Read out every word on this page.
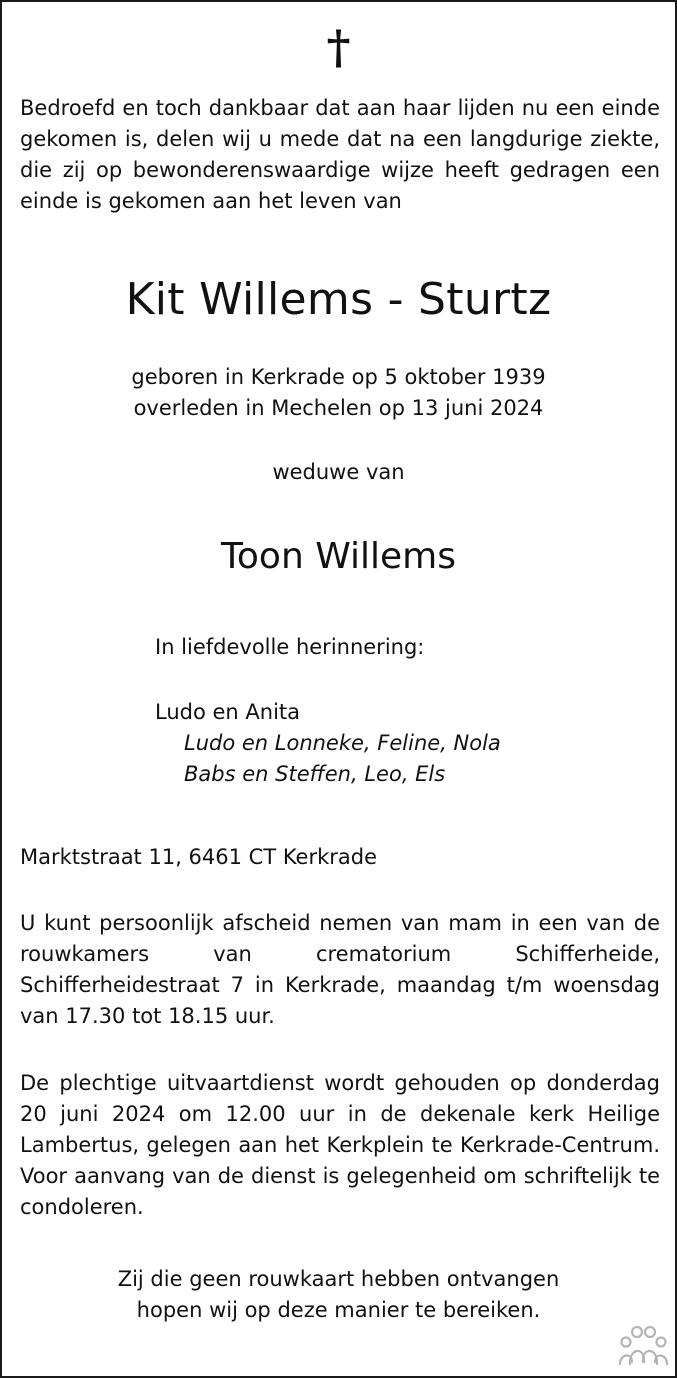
†
Bedroefd en toch dankbaar dat aan haar lijden nu een einde gekomen is, delen wij u mede dat na een langdurige ziekte, die zij op bewonderenswaardige wijze heeft gedragen een einde is gekomen aan het leven van
Kit Willems - Sturtz
geboren in Kerkrade op 5 oktober 1939
overleden in Mechelen op 13 juni 2024
weduwe van
Toon Willems
In liefdevolle herinnering:
Ludo en Anita
Ludo en Lonneke, Feline, Nola
Babs en Steffen, Leo, Els
Marktstraat 11, 6461 CT Kerkrade
U kunt persoonlijk afscheid nemen van mam in een van de rouwkamers van crematorium Schifferheide, Schifferheidestraat 7 in Kerkrade, maandag t/m woensdag van 17.30 tot 18.15 uur.
De plechtige uitvaartdienst wordt gehouden op donderdag 20 juni 2024 om 12.00 uur in de dekenale kerk Heilige Lambertus, gelegen aan het Kerkplein te Kerkrade-Centrum. Voor aanvang van de dienst is gelegenheid om schriftelijk te condoleren.
Zij die geen rouwkaart hebben ontvangen
hopen wij op deze manier te bereiken.
